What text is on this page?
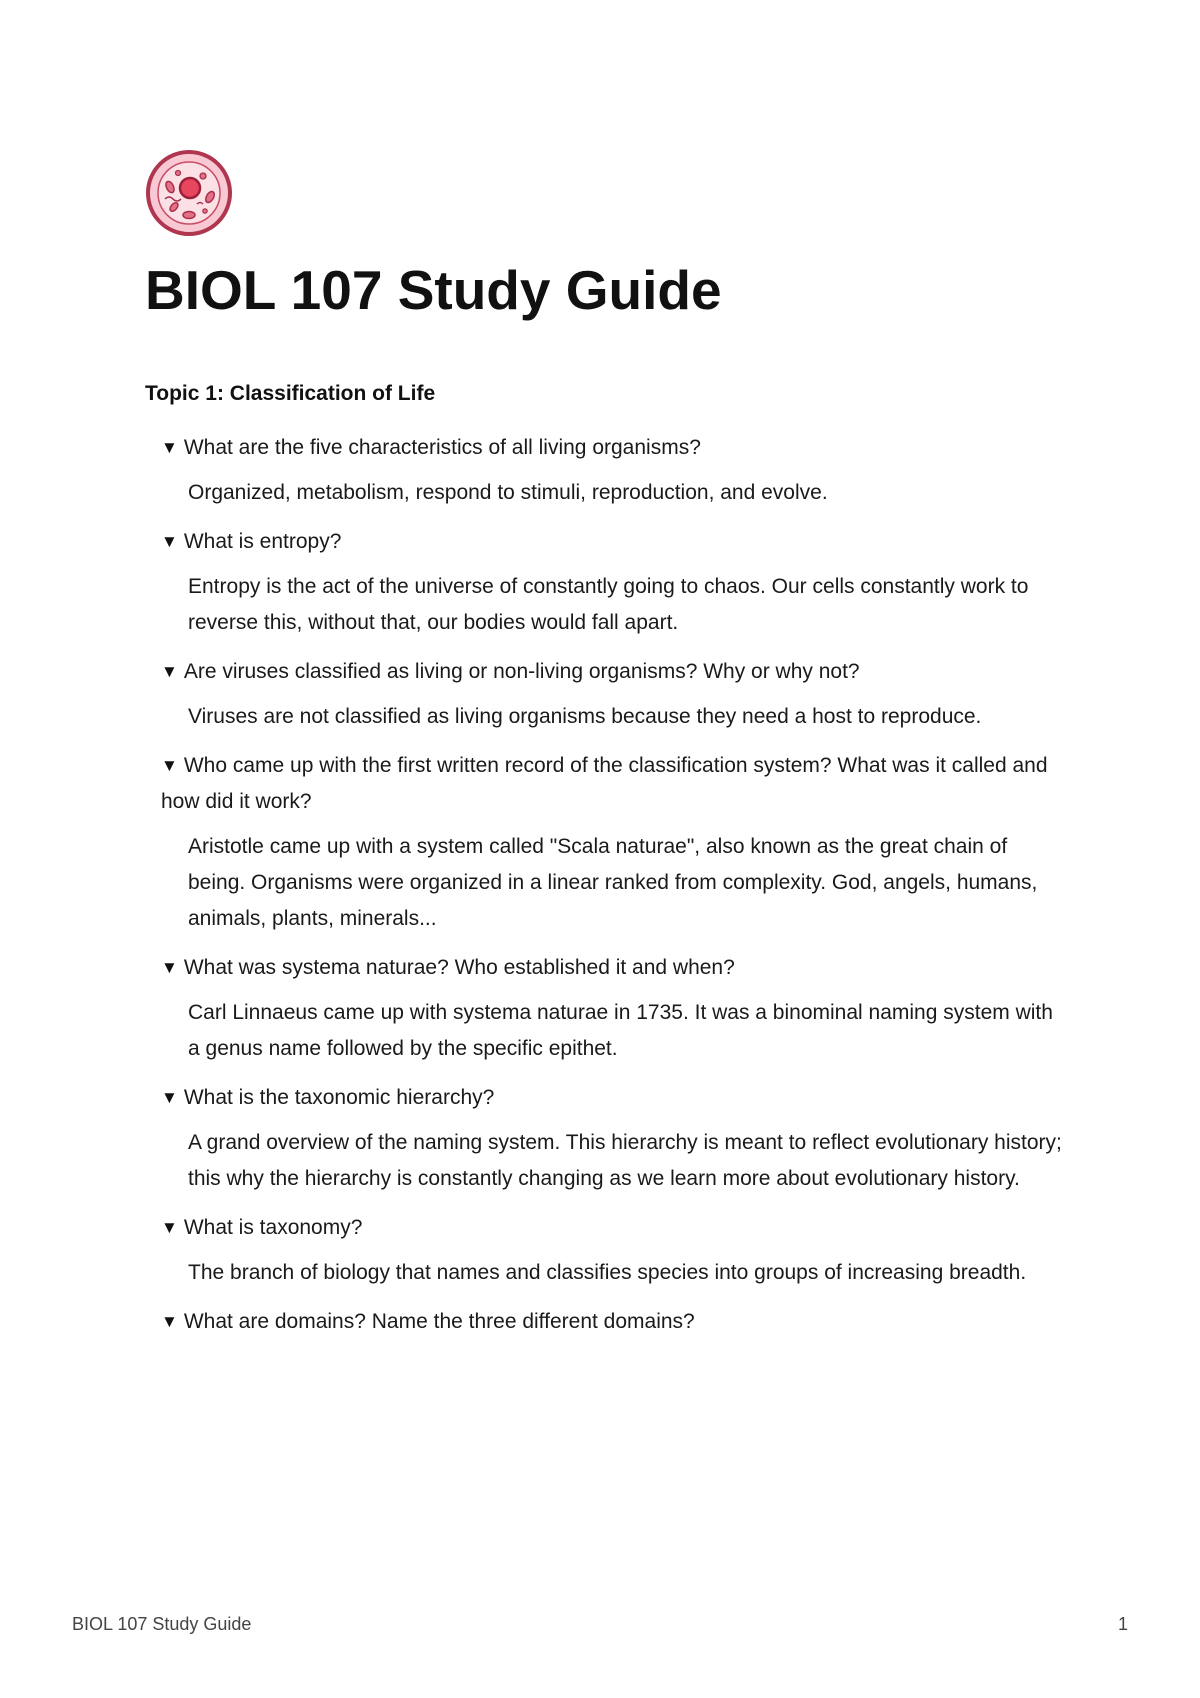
BIOL 107 Study Guide
Topic 1: Classification of Life
▼ What are the five characteristics of all living organisms?
Organized, metabolism, respond to stimuli, reproduction, and evolve.
▼ What is entropy?
Entropy is the act of the universe of constantly going to chaos. Our cells constantly work to reverse this, without that, our bodies would fall apart.
▼ Are viruses classified as living or non-living organisms? Why or why not?
Viruses are not classified as living organisms because they need a host to reproduce.
▼ Who came up with the first written record of the classification system? What was it called and how did it work?
Aristotle came up with a system called "Scala naturae", also known as the great chain of being. Organisms were organized in a linear ranked from complexity. God, angels, humans, animals, plants, minerals...
▼ What was systema naturae? Who established it and when?
Carl Linnaeus came up with systema naturae in 1735. It was a binominal naming system with a genus name followed by the specific epithet.
▼ What is the taxonomic hierarchy?
A grand overview of the naming system. This hierarchy is meant to reflect evolutionary history; this why the hierarchy is constantly changing as we learn more about evolutionary history.
▼ What is taxonomy?
The branch of biology that names and classifies species into groups of increasing breadth.
▼ What are domains? Name the three different domains?
BIOL 107 Study Guide	1
